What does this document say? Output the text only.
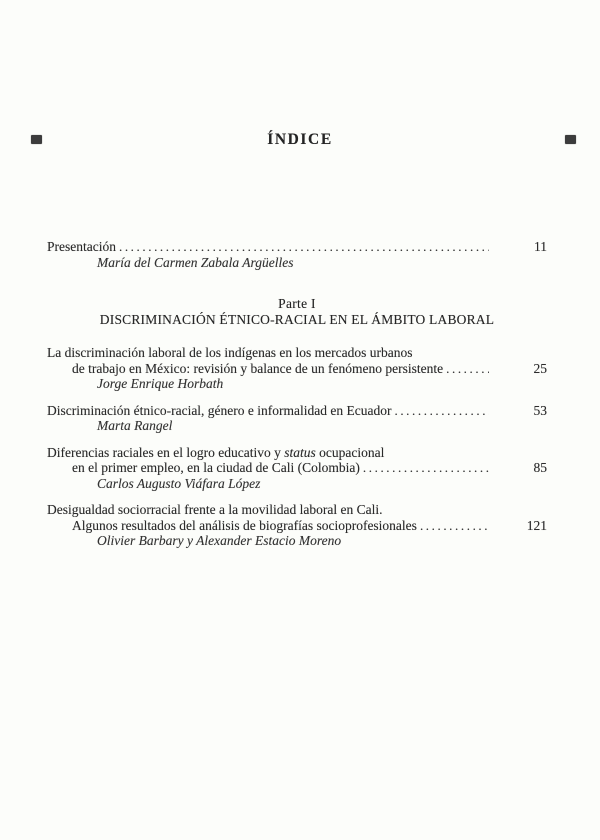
ÍNDICE
Presentación .....	11
María del Carmen Zabala Argüelles
Parte I
DISCRIMINACIÓN ÉTNICO-RACIAL EN EL ÁMBITO LABORAL
La discriminación laboral de los indígenas en los mercados urbanos
de trabajo en México: revisión y balance de un fenómeno persistente .....	25
Jorge Enrique Horbath
Discriminación étnico-racial, género e informalidad en Ecuador .....	53
Marta Rangel
Diferencias raciales en el logro educativo y status ocupacional
en el primer empleo, en la ciudad de Cali (Colombia) .....	85
Carlos Augusto Viáfara López
Desigualdad sociorracial frente a la movilidad laboral en Cali.
Algunos resultados del análisis de biografías socioprofesionales .....	121
Olivier Barbary y Alexander Estacio Moreno
